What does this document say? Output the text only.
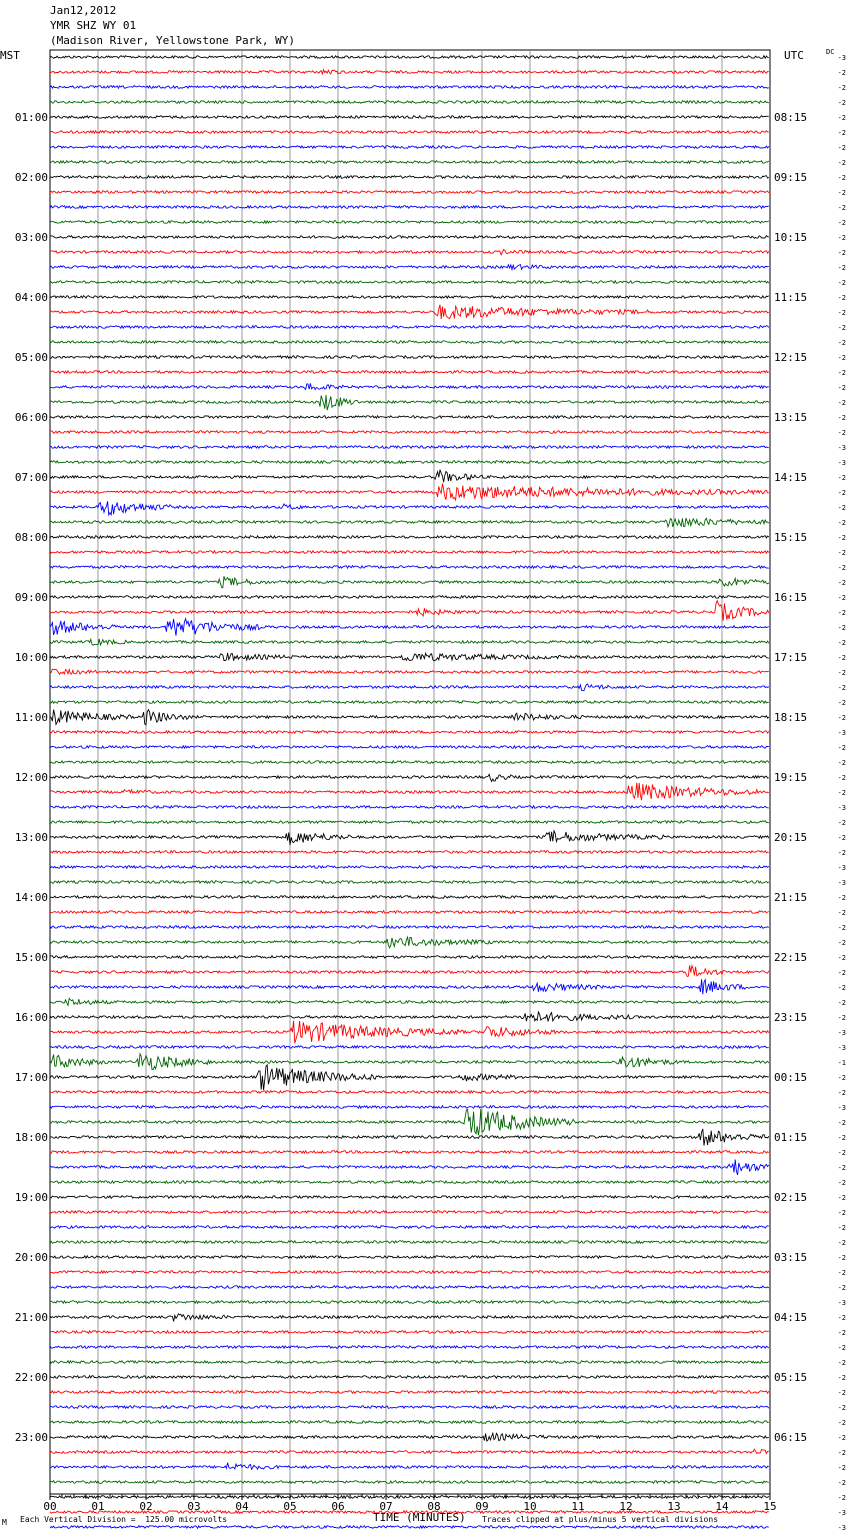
Jan12,2012
YMR SHZ WY 01
(Madison River, Yellowstone Park, WY)
MST	UTC	DC
00	01	02	03	04	05	06	07	08	09	10	11	12	13	14	15
-3
-2
-2
-2
-2
-2
-2
-2
-2
-2
-2
-2
-2
-2
-2
-2
-2
-2
-2
-2
-2
-2
-2
-2
-2
-2
-3
-3
-2
-2
-2
-2
-2
-2
-2
-2
-2
-2
-2
-2
-2
-2
-2
-2
-2
-3
-2
-2
-2
-2
-3
-2
-2
-2
-3
-3
-2
-2
-2
-2
-2
-2
-2
-2
-2
-3
-3
-1
-2
-2
-3
-2
-2
-2
-2
-2
-2
-2
-2
-2
-2
-2
-2
-3
-2
-2
-2
-2
-2
-2
-2
-2
-2
-2
-2
-2
-2
-3
-3
01:00	08:15
02:00	09:15
03:00	10:15
04:00	11:15
05:00	12:15
06:00	13:15
07:00	14:15
08:00	15:15
09:00	16:15
10:00	17:15
11:00	18:15
12:00	19:15
13:00	20:15
14:00	21:15
15:00	22:15
16:00	23:15
17:00	00:15
18:00	01:15
19:00	02:15
20:00	03:15
21:00	04:15
22:00	05:15
23:00	06:15
M Each Vertical Division =  125.00 microvolts	TIME (MINUTES) Traces clipped at plus/minus 5 vertical divisions
